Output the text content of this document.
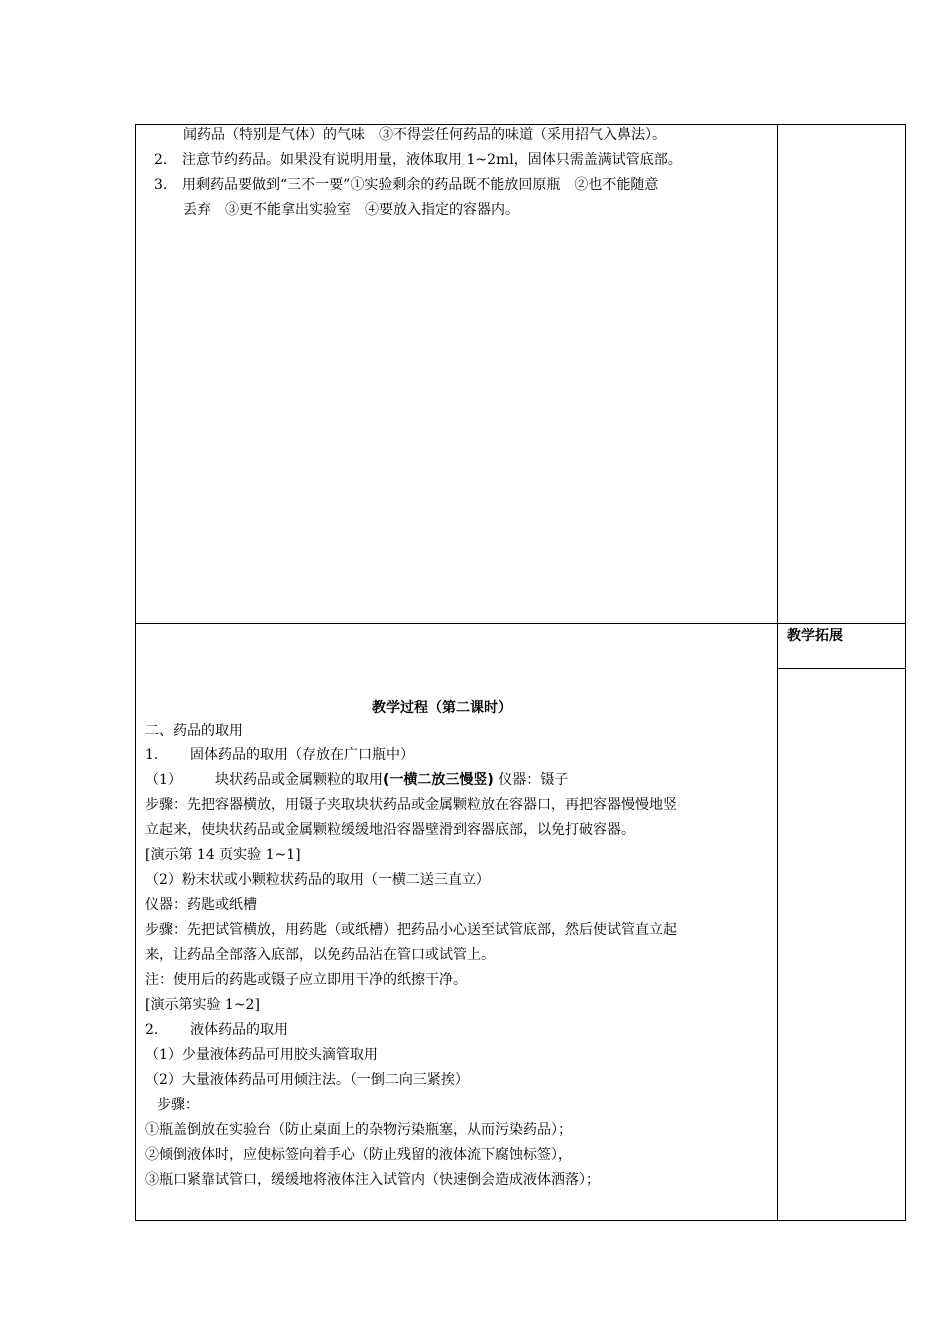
闻药品（特别是气体）的气味　③不得尝任何药品的味道（采用招气入鼻法）。
2． 注意节约药品。如果没有说明用量，液体取用 1~2ml，固体只需盖满试管底部。
3． 用剩药品要做到“三不一要”①实验剩余的药品既不能放回原瓶　②也不能随意
丢弃　③更不能拿出实验室　④要放入指定的容器内。
教学拓展
教学过程（第二课时）
二、药品的取用
1． 固体药品的取用（存放在广口瓶中）
（1） 块状药品或金属颗粒的取用(一横二放三慢竖) 仪器：镊子
步骤：先把容器横放，用镊子夹取块状药品或金属颗粒放在容器口，再把容器慢慢地竖
立起来，使块状药品或金属颗粒缓缓地沿容器壁滑到容器底部，以免打破容器。
[演示第 14 页实验 1~1]
（2）粉末状或小颗粒状药品的取用（一横二送三直立）
仪器：药匙或纸槽
步骤：先把试管横放，用药匙（或纸槽）把药品小心送至试管底部，然后使试管直立起
来，让药品全部落入底部，以免药品沾在管口或试管上。
注：使用后的药匙或镊子应立即用干净的纸擦干净。
[演示第实验 1~2]
2． 液体药品的取用
（1）少量液体药品可用胶头滴管取用
（2）大量液体药品可用倾注法。（一倒二向三紧挨）
步骤：
①瓶盖倒放在实验台（防止桌面上的杂物污染瓶塞，从而污染药品）；
②倾倒液体时，应使标签向着手心（防止残留的液体流下腐蚀标签），
③瓶口紧靠试管口，缓缓地将液体注入试管内（快速倒会造成液体洒落）；
